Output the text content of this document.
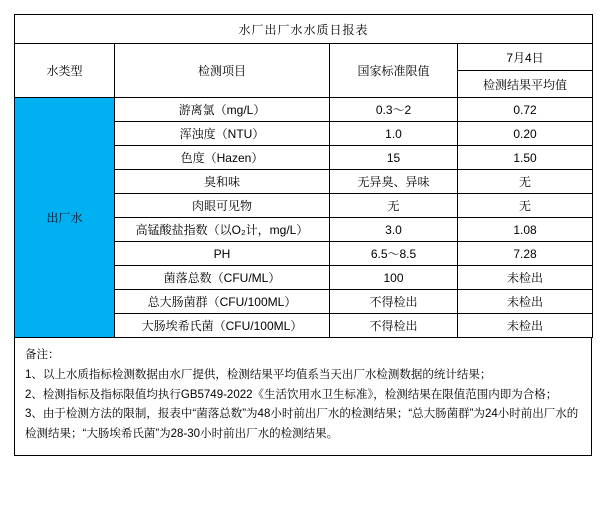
水厂出厂水水质日报表			
水类型	检测项目	国家标准限值	7月4日
			检测结果平均值
出厂水	游离氯（mg/L）	0.3～2	0.72
	浑浊度（NTU）	1.0	0.20
	色度（Hazen）	15	1.50
	臭和味	无异臭、异味	无
	肉眼可见物	无	无
	高锰酸盐指数（以O₂计，mg/L）	3.0	1.08
	PH	6.5～8.5	7.28
	菌落总数（CFU/ML）	100	未检出
	总大肠菌群（CFU/100ML）	不得检出	未检出
	大肠埃希氏菌（CFU/100ML）	不得检出	未检出

备注：

1、以上水质指标检测数据由水厂提供，检测结果平均值系当天出厂水检测数据的统计结果；

2、检测指标及指标限值均执行GB5749-2022《生活饮用水卫生标准》，检测结果在限值范围内即为合格；

3、由于检测方法的限制，报表中“菌落总数”为48小时前出厂水的检测结果；“总大肠菌群”为24小时前出厂水的检测结果；“大肠埃希氏菌”为28-30小时前出厂水的检测结果。
